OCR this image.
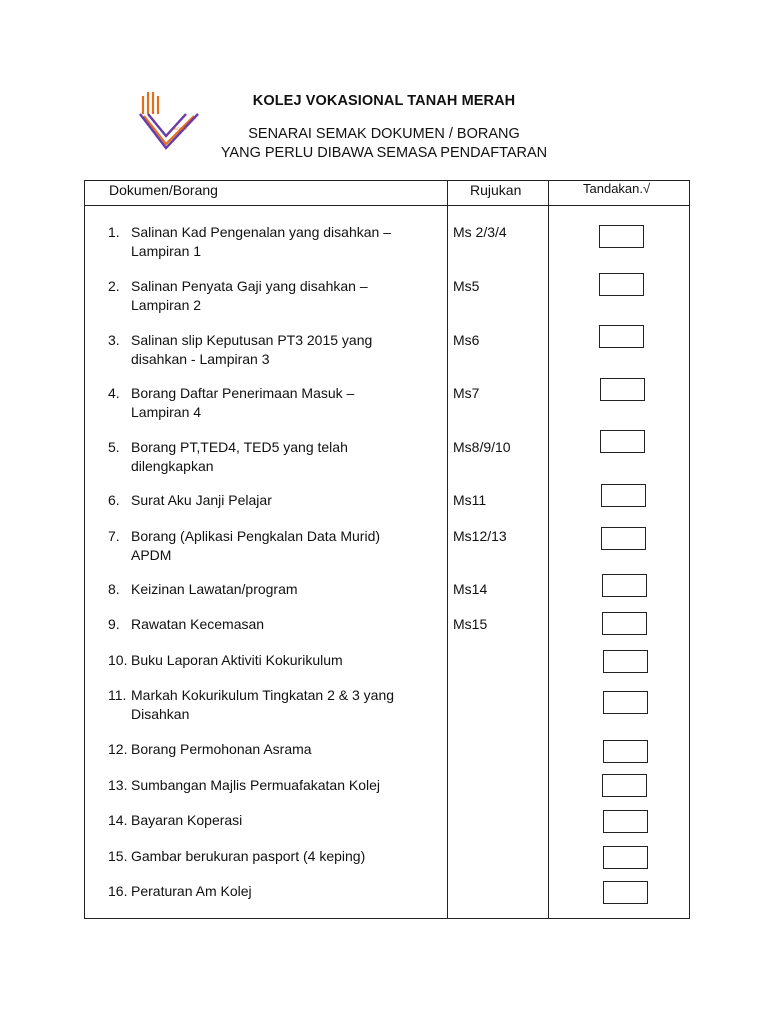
KOLEJ
KOLEJ VOKASIONAL TANAH MERAH
SENARAI SEMAK DOKUMEN / BORANG
YANG PERLU DIBAWA SEMASA PENDAFTARAN
Dokumen/Borang	Rujukan	Tandakan.√
1. Salinan Kad Pengenalan yang disahkan –
Lampiran 1
Ms 2/3/4
2. Salinan Penyata Gaji yang disahkan –
Lampiran 2
Ms5
3. Salinan slip Keputusan PT3 2015 yang
disahkan - Lampiran 3
Ms6
4. Borang Daftar Penerimaan Masuk –
Lampiran 4
Ms7
5. Borang PT,TED4, TED5 yang telah
dilengkapkan
Ms8/9/10
6. Surat Aku Janji Pelajar	Ms11
7. Borang (Aplikasi Pengkalan Data Murid)
APDM
Ms12/13
8. Keizinan Lawatan/program	Ms14
9. Rawatan Kecemasan	Ms15
10. Buku Laporan Aktiviti Kokurikulum
11. Markah Kokurikulum Tingkatan 2 & 3 yang
Disahkan
12. Borang Permohonan Asrama
13. Sumbangan Majlis Permuafakatan Kolej
14. Bayaran Koperasi
15. Gambar berukuran pasport (4 keping)
16. Peraturan Am Kolej
